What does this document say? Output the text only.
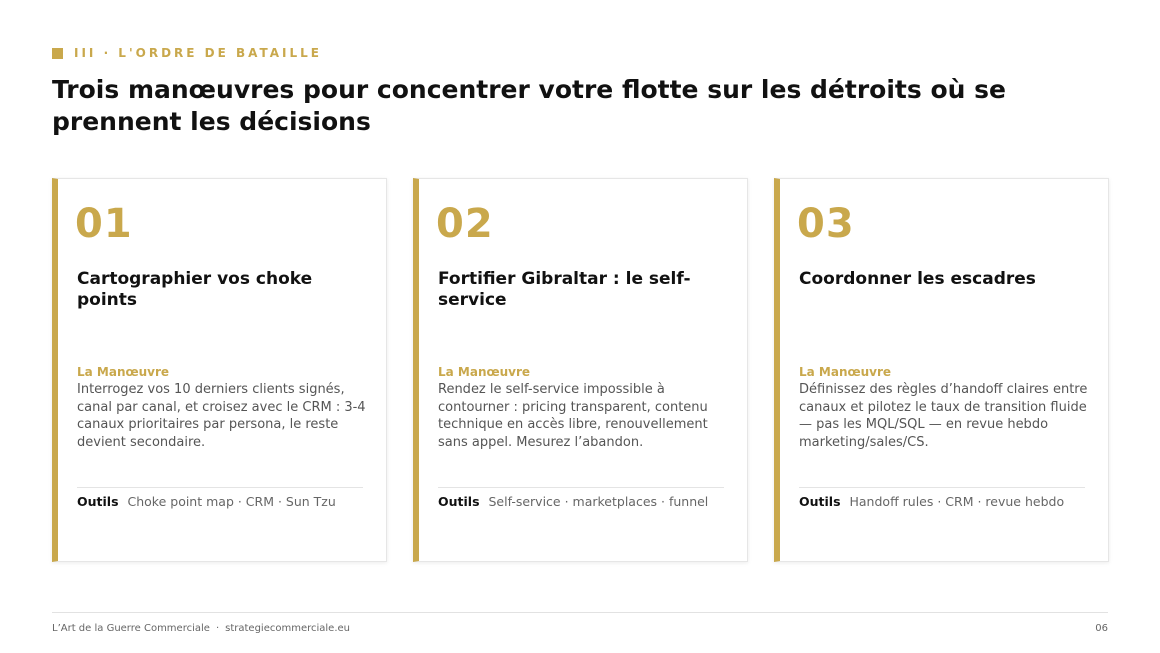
III · L'ORDRE DE BATAILLE
Trois manœuvres pour concentrer votre flotte sur les détroits où se prennent les décisions
01
Cartographier vos choke points
La Manœuvre
Interrogez vos 10 derniers clients signés, canal par canal, et croisez avec le CRM : 3-4 canaux prioritaires par persona, le reste devient secondaire.
Outils Choke point map · CRM · Sun Tzu
02
Fortifier Gibraltar : le self-service
La Manœuvre
Rendez le self-service impossible à contourner : pricing transparent, contenu technique en accès libre, renouvellement sans appel. Mesurez l’abandon.
Outils Self-service · marketplaces · funnel
03
Coordonner les escadres
La Manœuvre
Définissez des règles d’handoff claires entre canaux et pilotez le taux de transition fluide — pas les MQL/SQL — en revue hebdo marketing/sales/CS.
Outils Handoff rules · CRM · revue hebdo
L’Art de la Guerre Commerciale · strategiecommerciale.eu	06
